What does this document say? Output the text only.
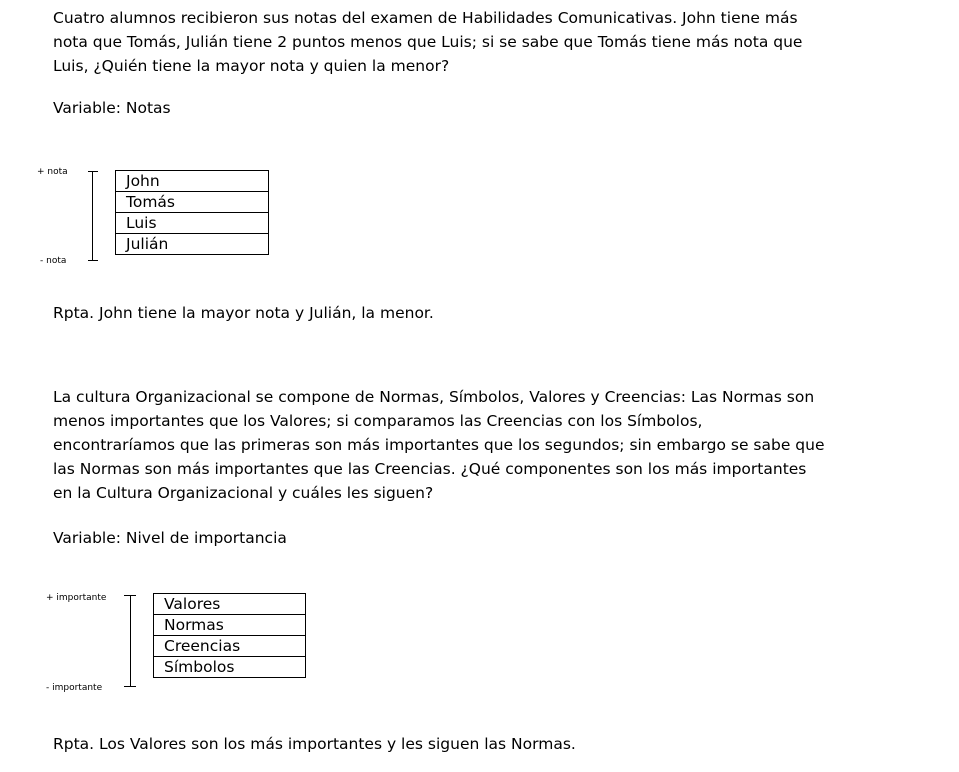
Cuatro alumnos recibieron sus notas del examen de Habilidades Comunicativas. John tiene más
nota que Tomás, Julián tiene 2 puntos menos que Luis; si se sabe que Tomás tiene más nota que
Luis, ¿Quién tiene la mayor nota y quien la menor?
Variable: Notas
+ nota
- nota
John
Tomás
Luis
Julián
Rpta. John tiene la mayor nota y Julián, la menor.
La cultura Organizacional se compone de Normas, Símbolos, Valores y Creencias: Las Normas son
menos importantes que los Valores; si comparamos las Creencias con los Símbolos,
encontraríamos que las primeras son más importantes que los segundos; sin embargo se sabe que
las Normas son más importantes que las Creencias. ¿Qué componentes son los más importantes
en la Cultura Organizacional y cuáles les siguen?
Variable: Nivel de importancia
+ importante
- importante
Valores
Normas
Creencias
Símbolos
Rpta. Los Valores son los más importantes y les siguen las Normas.
